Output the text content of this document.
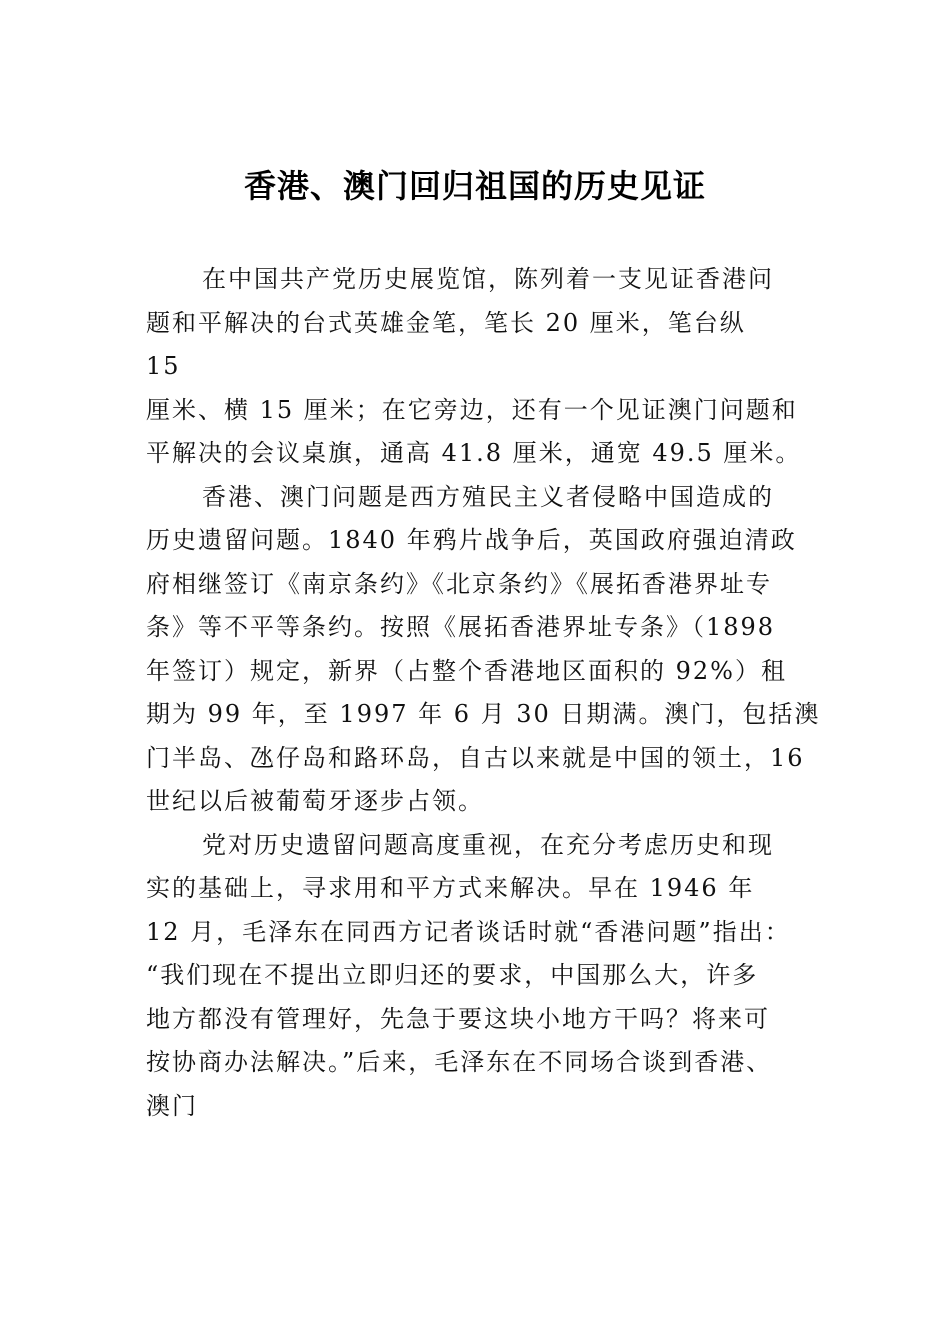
香港、澳门回归祖国的历史见证
在中国共产党历史展览馆，陈列着一支见证香港问
题和平解决的台式英雄金笔，笔长 20 厘米，笔台纵
15
厘米、横 15 厘米；在它旁边，还有一个见证澳门问题和
平解决的会议桌旗，通高 41.8 厘米，通宽 49.5 厘米。
香港、澳门问题是西方殖民主义者侵略中国造成的
历史遗留问题。1840 年鸦片战争后，英国政府强迫清政
府相继签订《南京条约》《北京条约》《展拓香港界址专
条》等不平等条约。按照《展拓香港界址专条》（1898
年签订）规定，新界（占整个香港地区面积的 92%）租
期为 99 年，至 1997 年 6 月 30 日期满。澳门，包括澳
门半岛、氹仔岛和路环岛，自古以来就是中国的领土，16
世纪以后被葡萄牙逐步占领。
党对历史遗留问题高度重视，在充分考虑历史和现
实的基础上，寻求用和平方式来解决。早在 1946 年
12 月，毛泽东在同西方记者谈话时就“香港问题”指出：
“我们现在不提出立即归还的要求，中国那么大，许多
地方都没有管理好，先急于要这块小地方干吗？将来可
按协商办法解决。”后来，毛泽东在不同场合谈到香港、
澳门
